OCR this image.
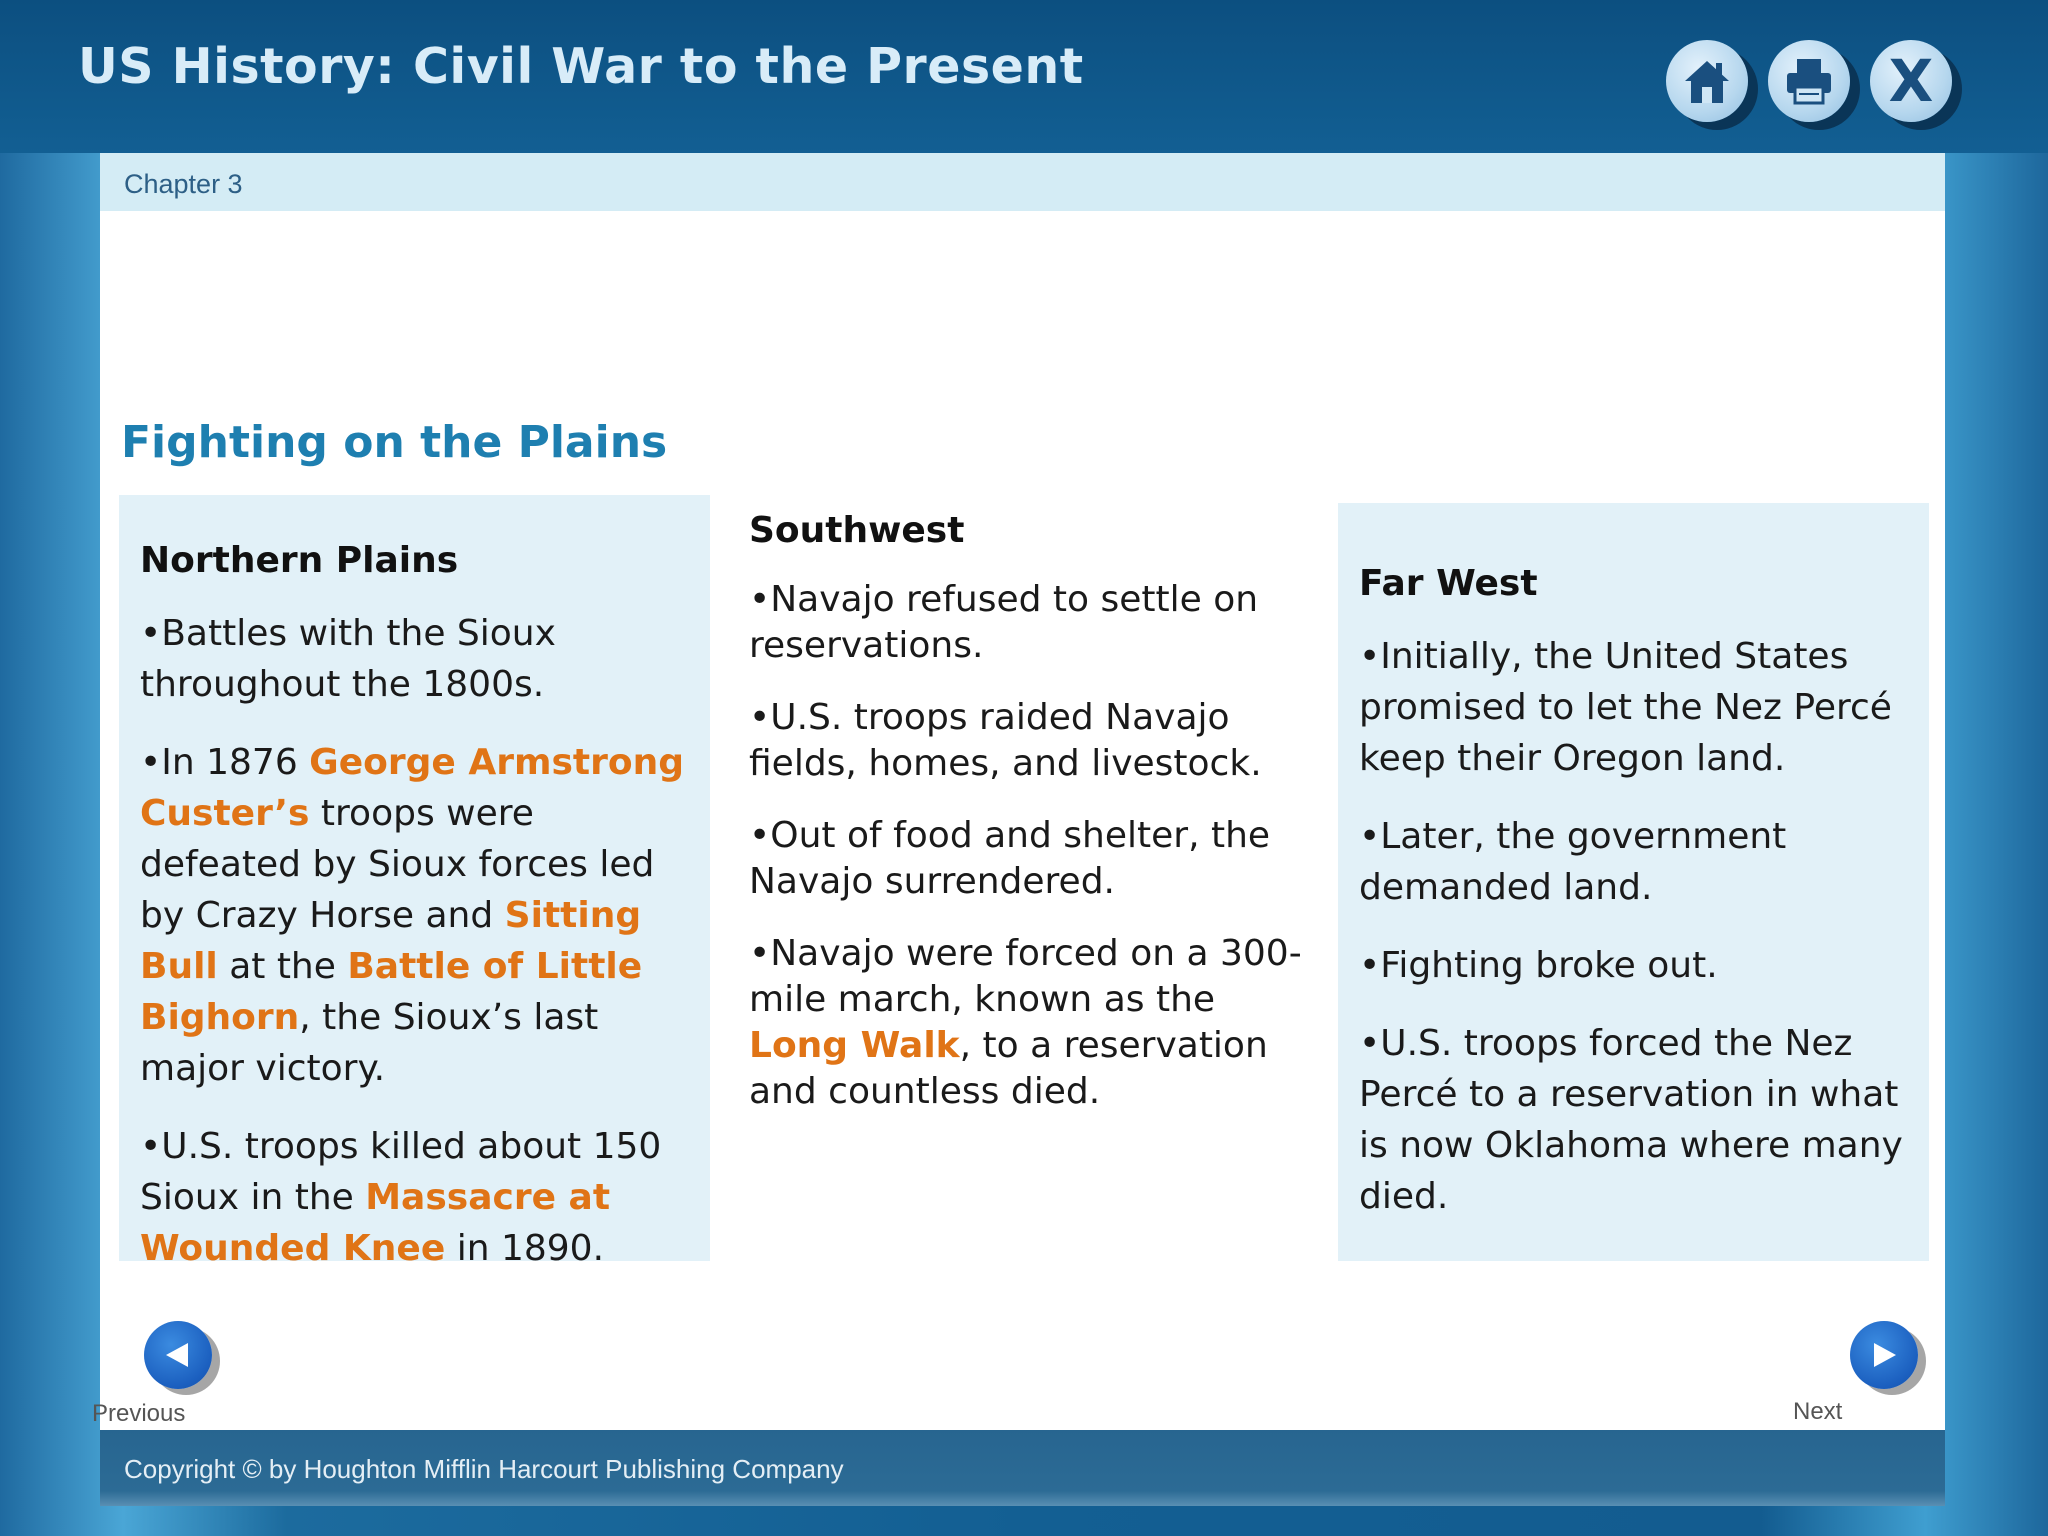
US History: Civil War to the Present	X
Chapter 3
Fighting on the Plains
Northern Plains

•Battles with the Sioux throughout the 1800s.

•In 1876 George Armstrong Custer’s troops were defeated by Sioux forces led by Crazy Horse and Sitting Bull at the Battle of Little Bighorn, the Sioux’s last major victory.

•U.S. troops killed about 150 Sioux in the Massacre at Wounded Knee in 1890.

Southwest

•Navajo refused to settle on reservations.

•U.S. troops raided Navajo fields, homes, and livestock.

•Out of food and shelter, the Navajo surrendered.

•Navajo were forced on a 300-mile march, known as the Long Walk, to a reservation and countless died.

Far West

•Initially, the United States promised to let the Nez Percé keep their Oregon land.

•Later, the government demanded land.

•Fighting broke out.

•U.S. troops forced the Nez Percé to a reservation in what is now Oklahoma where many died.

Previous	Next
Copyright © by Houghton Mifflin Harcourt Publishing Company
